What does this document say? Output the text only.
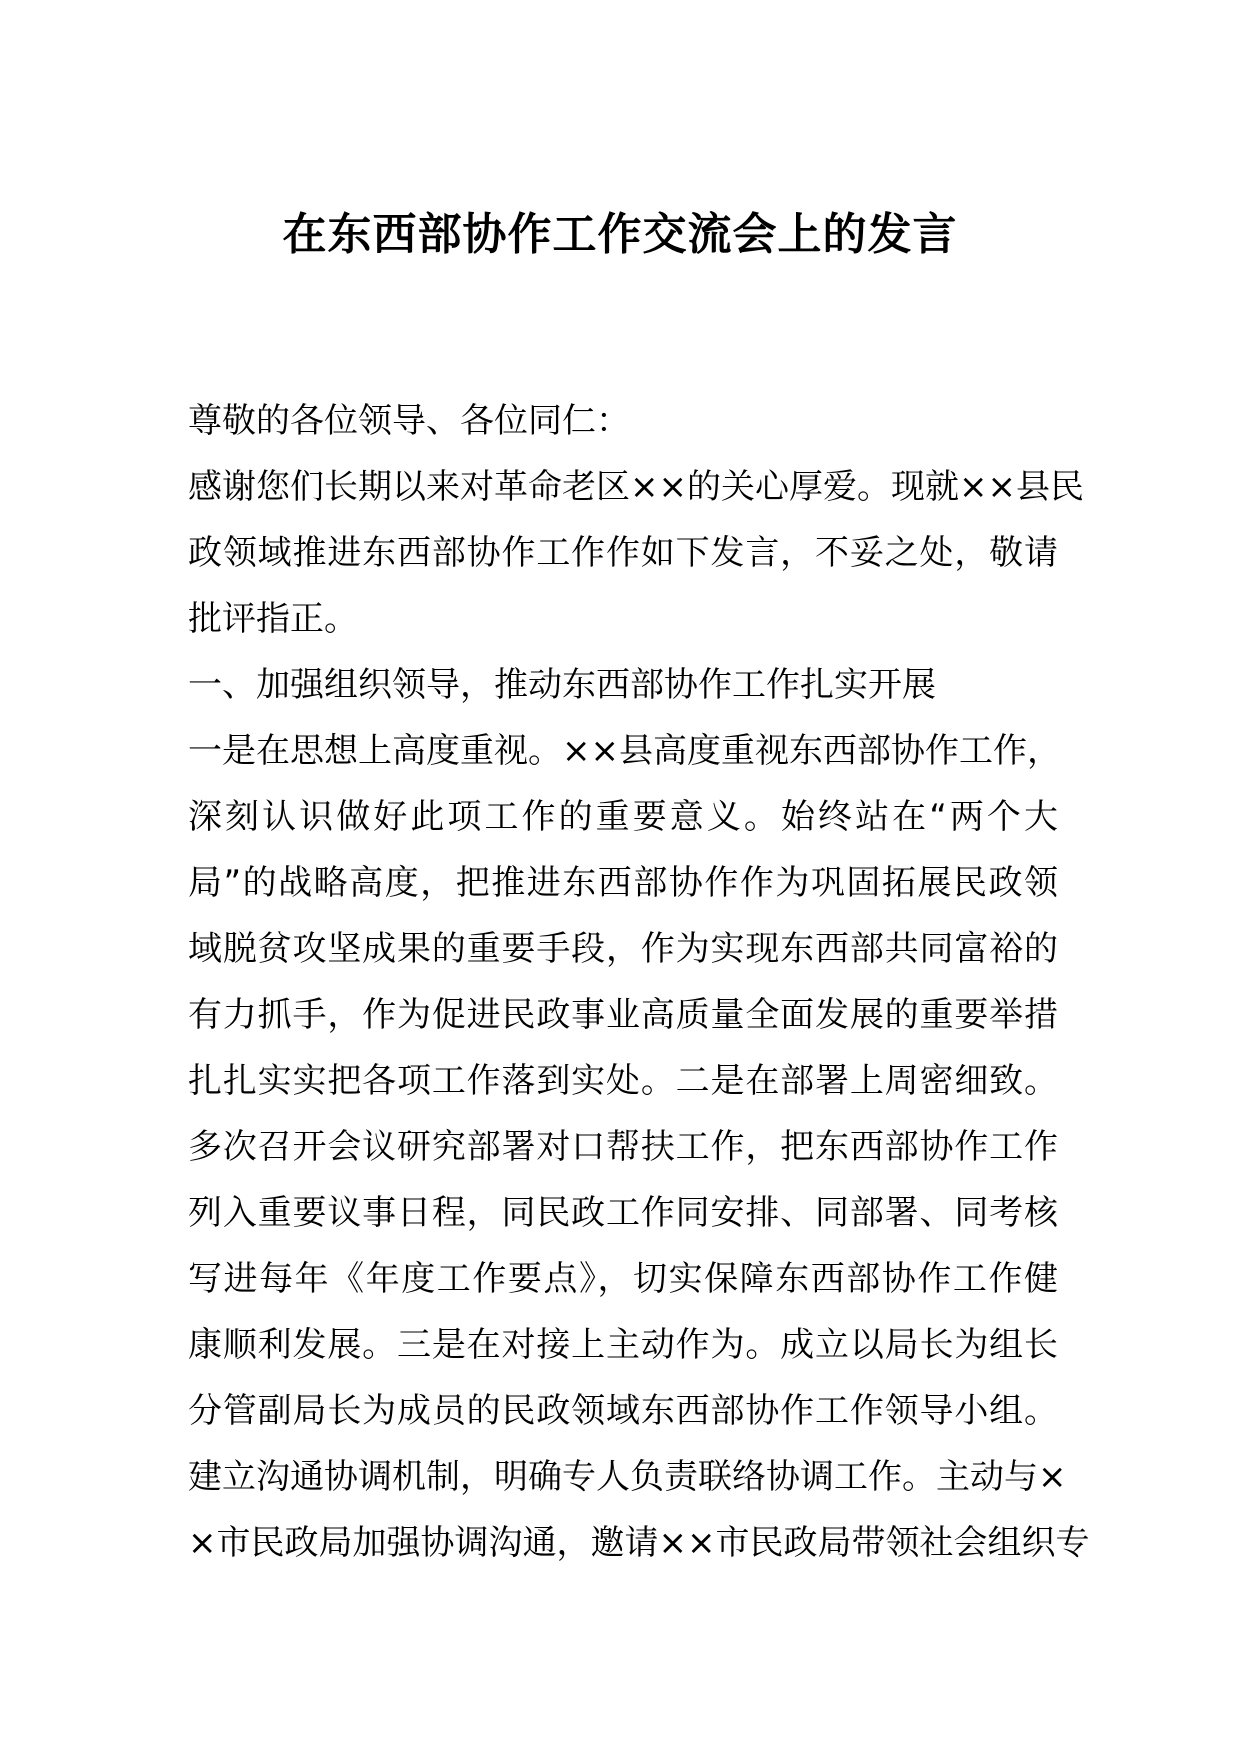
在东西部协作工作交流会上的发言
尊敬的各位领导、各位同仁：
感谢您们长期以来对革命老区××的关心厚爱。现就××县民
政领域推进东西部协作工作作如下发言，不妥之处，敬请
批评指正。
一、加强组织领导，推动东西部协作工作扎实开展
一是在思想上高度重视。××县高度重视东西部协作工作，
深刻认识做好此项工作的重要意义。始终站在“两个大
局”的战略高度，把推进东西部协作作为巩固拓展民政领
域脱贫攻坚成果的重要手段，作为实现东西部共同富裕的
有力抓手，作为促进民政事业高质量全面发展的重要举措
扎扎实实把各项工作落到实处。二是在部署上周密细致。
多次召开会议研究部署对口帮扶工作，把东西部协作工作
列入重要议事日程，同民政工作同安排、同部署、同考核
写进每年《年度工作要点》，切实保障东西部协作工作健
康顺利发展。三是在对接上主动作为。成立以局长为组长
分管副局长为成员的民政领域东西部协作工作领导小组。
建立沟通协调机制，明确专人负责联络协调工作。主动与×
×市民政局加强协调沟通，邀请××市民政局带领社会组织专
